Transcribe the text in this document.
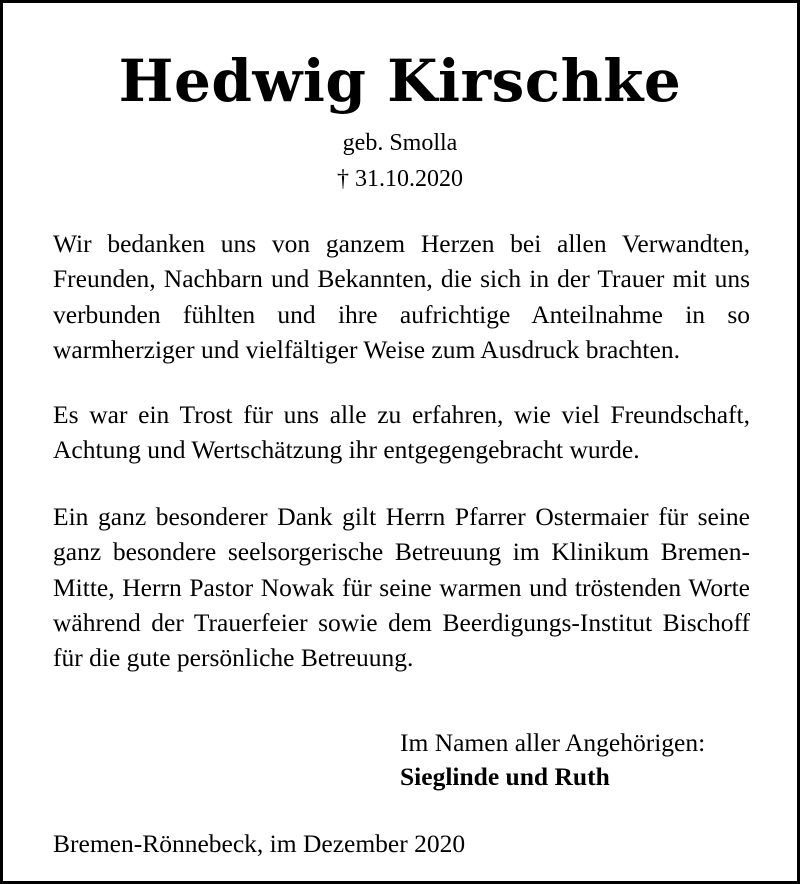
Hedwig Kirschke
geb. Smolla
† 31.10.2020
Wir bedanken uns von ganzem Herzen bei allen Verwandten, Freunden, Nachbarn und Bekannten, die sich in der Trauer mit uns verbunden fühlten und ihre aufrichtige Anteilnahme in so warmherziger und vielfältiger Weise zum Ausdruck brachten.
Es war ein Trost für uns alle zu erfahren, wie viel Freundschaft, Achtung und Wertschätzung ihr entgegengebracht wurde.
Ein ganz besonderer Dank gilt Herrn Pfarrer Ostermaier für seine ganz besondere seelsorgerische Betreuung im Klinikum Bremen-Mitte, Herrn Pastor Nowak für seine warmen und tröstenden Worte während der Trauerfeier sowie dem Beerdigungs-Institut Bischoff für die gute persönliche Betreuung.
Im Namen aller Angehörigen:
Sieglinde und Ruth
Bremen-Rönnebeck, im Dezember 2020
